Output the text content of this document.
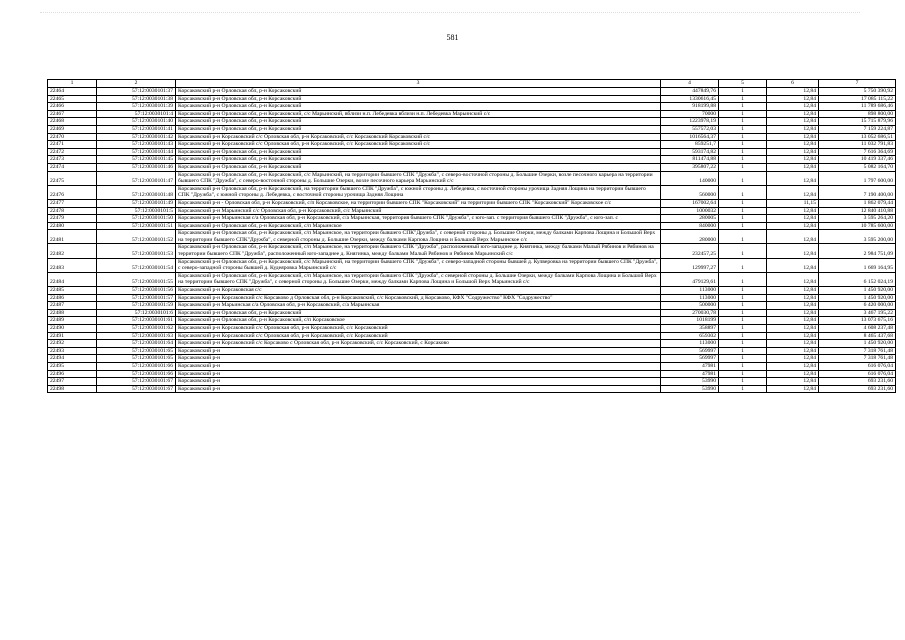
581
1	2	3	4	5	6	7
22464	57:12:0030101:37	Корсаковский р-н Орловская обл, р-н Корсаковский	447849,76	1	12,84	5 750 390,92
22465	57:12:0030101:38	Корсаковский р-н Орловская обл, р-н Корсаковский	1330616,45	1	12,84	17 085 115,22
22466	57:12:0030101:39	Корсаковский р-н Орловская обл, р-н Корсаковский	918199,88	1	12,84	11 789 686,46
22467	57:12:0030101:4	Корсаковский р-н Орловская обл, р-н Корсаковский, с/с Марьинский, вблизи н.п. Лебедевка вблизи н.п. Лебедевка Марьинский с/с	70000	1	12,84	898 800,00
22468	57:12:0030101:40	Корсаковский р-н Орловская обл, р-н Корсаковский	1223978,19	1	12,84	15 715 879,96
22469	57:12:0030101:41	Корсаковский р-н Орловская обл, р-н Корсаковский	557572,03	1	12,84	7 159 224,87
22470	57:12:0030101:42	Корсаковский р-н Корсаковский с/с Орловская обл, р-н Корсаковский, с/с Корсаковский Корсаковский с/с	1016564,37	1	12,84	13 052 686,51
22471	57:12:0030101:43	Корсаковский р-н Корсаковский с/с Орловская обл, р-н Корсаковский, с/с Корсаковский Корсаковский с/с	859251,7	1	12,84	11 032 791,83
22472	57:12:0030101:44	Корсаковский р-н Орловская обл, р-н Корсаковский	593174,82	1	12,84	7 616 364,69
22473	57:12:0030101:45	Корсаковский р-н Орловская обл, р-н Корсаковский	811474,88	1	12,84	10 419 337,46
22474	57:12:0030101:46	Корсаковский р-н Орловская обл, р-н Корсаковский	395807,22	1	12,84	5 082 164,70
22475	57:12:0030101:47	Корсаковский р-н Орловская обл, р-н Корсаковский, с/с Марьинский, на территории бывшего СПК "Дружба", с северо-восточной стороны д. Большие Озерки, возле песочного карьера на территории бывшего СПК "Дружба", с северо-восточной стороны д. Большие Озерки, возле песочного карьера Марьинский с/с	140000	1	12,84	1 797 600,00
22476	57:12:0030101:48	Корсаковский р-н Орловская обл, р-н Корсаковский, на территории бывшего СПК "Дружба", с южной стороны д. Лебедевка, с восточной стороны урочища Задняя Лощина на территории бывшего СПК "Дружба", с южной стороны д. Лебедевка, с восточной стороны урочища Задняя Лощина	560000	1	12,84	7 190 400,00
22477	57:12:0030101:49	Корсаковский р-н - Орловская обл, р-н Корсаковский, с/п Корсаковское, на территории бывшего СПК "Корсаковский" на территории бывшего СПК "Корсаковский" Корсаковское с/с	167002,64	1	11,15	1 862 079,44
22478	57:12:0030101:5	Корсаковский р-н Марьинский с/с Орловская обл, р-н Корсаковский, с/с Марьинский	1000032	1	12,84	12 840 410,88
22479	57:12:0030101:50	Корсаковский р-н Марьинская с/а Орловская обл, р-н Корсаковский, с/а Марьинская, территория бывшего СПК "Дружба", с юго-зап. с территория бывшего СПК "Дружба", с юго-зап. с	280005	1	12,84	3 595 264,20
22480	57:12:0030101:51	Корсаковский р-н Орловская обл, р-н Корсаковский, с/п Марьинское	840000	1	12,84	10 785 600,00
22481	57:12:0030101:52	Корсаковский р-н Орловская обл, р-н Корсаковский, с/п Марьинское, на территории бывшего СПК"Дружба", с северной стороны д. Большие Озерки, между балками Карпова Лощина и Большой Верх на территории бывшего СПК"Дружба", с северной стороны д. Большие Озерки, между балками Карпова Лощина и Большой Верх Марьинское с/с	280000	1	12,84	3 595 200,00
22482	57:12:0030101:53	Корсаковский р-н Орловская обл, р-н Корсаковский, с/п Марьинское, на территории бывшего СПК "Дружба", расположенный юго-западнее д. Княгинка, между балками Малый Рябинов и Рябинов на территории бывшего СПК "Дружба", расположенный юго-западнее д. Княгинка, между балками Малый Рябинов и Рябинов Марьинский с/с	232457,25	1	12,84	2 984 751,09
22483	57:12:0030101:54	Корсаковский р-н Орловская обл, р-н Корсаковский, с/с Марьинский, на территории бывшего СПК "Дружба", с северо-западной стороны бывшей д. Кулверовка на территории бывшего СПК "Дружба", с северо-западной стороны бывшей д. Кудеяровка Марьинский с/с	129997,27	1	12,84	1 669 164,95
22484	57:12:0030101:55	Корсаковский р-н Орловская обл, р-н Корсаковский, с/п Марьинское, на территории бывшего СПК "Дружба", с северной стороны д. Большие Озерки, между балками Карпова Лощина и Большой Верх на территории бывшего СПК "Дружба", с северной стороны д. Большие Озерки, между балками Карпова Лощина и Большой Верх Марьинский с/с	479129,61	1	12,84	6 152 024,19
22485	57:12:0030101:56	Корсаковский р-н Корсаковская с/с	113000	1	12,84	1 450 920,00
22486	57:12:0030101:57	Корсаковский р-н Корсаковский с/с Корсаково д Орловская обл, р-н Корсаковский, с/с Корсаковский, д Корсаково, КФХ "Содружество" КФХ "Содружество"	113000	1	12,84	1 450 920,00
22487	57:12:0030101:59	Корсаковский р-н Марьинская с/а Орловская обл, р-н Корсаковский, с/а Марьинская	500000	1	12,84	6 420 000,00
22488	57:12:0030101:6	Корсаковский р-н Орловская обл, р-н Корсаковский	270030,78	1	12,84	3 467 195,22
22489	57:12:0030101:61	Корсаковский р-н Орловская обл, р-н Корсаковский, с/п Корсаковское	1018199	1	12,84	13 073 675,16
22490	57:12:0030101:62	Корсаковский р-н Корсаковский с/с Орловская обл, р-н Корсаковский, с/с Корсаковский	358897	1	12,84	4 608 237,48
22491	57:12:0030101:63	Корсаковский р-н Корсаковский с/с Орловская обл, р-н Корсаковский, с/с Корсаковский	659302	1	12,84	8 465 437,68
22492	57:12:0030101:64	Корсаковский р-н Корсаковский с/с Корсаково с Орловская обл, р-н Корсаковский, с/с Корсаковский, с Корсаково	113000	1	12,84	1 450 920,00
22493	57:12:0030101:65	Корсаковский р-н	569997	1	12,84	7 318 761,48
22494	57:12:0030101:65	Корсаковский р-н	569997	1	12,84	7 318 761,48
22495	57:12:0030101:66	Корсаковский р-н	47981	1	12,84	616 076,04
22496	57:12:0030101:66	Корсаковский р-н	47981	1	12,84	616 076,04
22497	57:12:0030101:67	Корсаковский р-н	53990	1	12,84	693 231,60
22498	57:12:0030101:67	Корсаковский р-н	53990	1	12,84	693 231,60
